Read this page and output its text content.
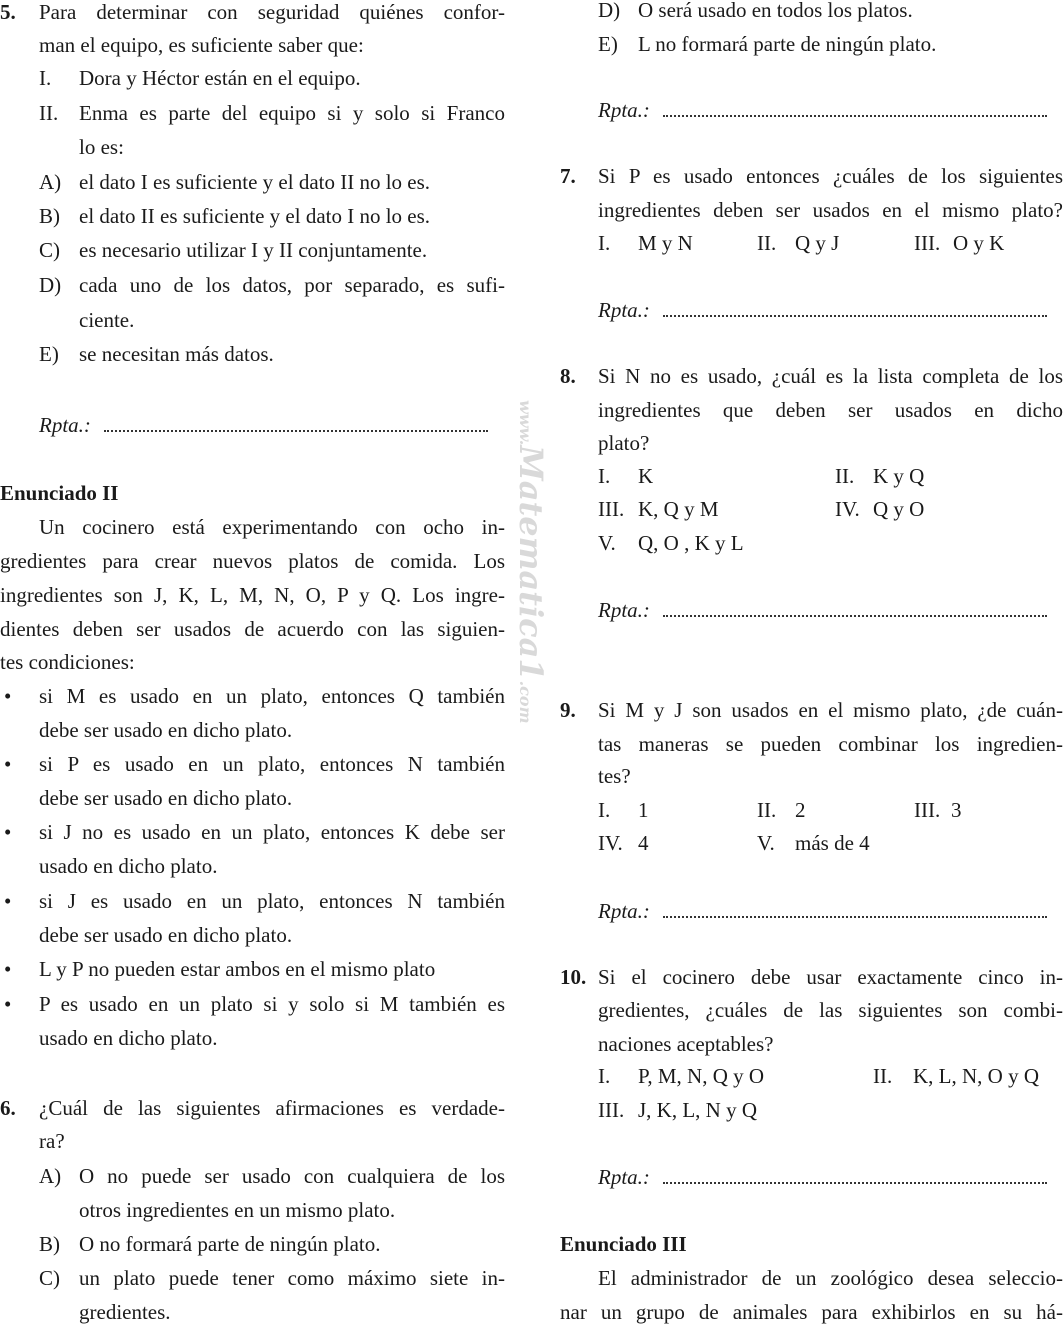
www.Matematica1.com
5. Para determinar con seguridad quiénes confor-
man el equipo, es suficiente saber que:
I. Dora y Héctor están en el equipo.
II. Enma es parte del equipo si y solo si Franco
lo es:
A) el dato I es suficiente y el dato II no lo es.
B) el dato II es suficiente y el dato I no lo es.
C) es necesario utilizar I y II conjuntamente.
D) cada uno de los datos, por separado, es sufi-
ciente.
E) se necesitan más datos.
Rpta.:
Enunciado II
Un cocinero está experimentando con ocho in-
gredientes para crear nuevos platos de comida. Los
ingredientes son J, K, L, M, N, O, P y Q. Los ingre-
dientes deben ser usados de acuerdo con las siguien-
tes condiciones:
• si M es usado en un plato, entonces Q también
debe ser usado en dicho plato.
• si P es usado en un plato, entonces N también
debe ser usado en dicho plato.
• si J no es usado en un plato, entonces K debe ser
usado en dicho plato.
• si J es usado en un plato, entonces N también
debe ser usado en dicho plato.
• L y P no pueden estar ambos en el mismo plato
• P es usado en un plato si y solo si M también es
usado en dicho plato.
6. ¿Cuál de las siguientes afirmaciones es verdade-
ra?
A) O no puede ser usado con cualquiera de los
otros ingredientes en un mismo plato.
B) O no formará parte de ningún plato.
C) un plato puede tener como máximo siete in-
gredientes.
D) O será usado en todos los platos.
E) L no formará parte de ningún plato.
Rpta.:
7. Si P es usado entonces ¿cuáles de los siguientes
ingredientes deben ser usados en el mismo plato?
I. M y N	II. Q y J	III. O y K
Rpta.:
8. Si N no es usado, ¿cuál es la lista completa de los
ingredientes que deben ser usados en dicho
plato?
I. K	II. K y Q
III. K, Q y M	IV. Q y O
V. Q, O , K y L
Rpta.:
9. Si M y J son usados en el mismo plato, ¿de cuán-
tas maneras se pueden combinar los ingredien-
tes?
I. 1	II. 2	III. 3
IV. 4	V. más de 4
Rpta.:
10. Si el cocinero debe usar exactamente cinco in-
gredientes, ¿cuáles de las siguientes son combi-
naciones aceptables?
I. P, M, N, Q y O	II. K, L, N, O y Q
III. J, K, L, N y Q
Rpta.:
Enunciado III
El administrador de un zoológico desea seleccio-
nar un grupo de animales para exhibirlos en su há-
